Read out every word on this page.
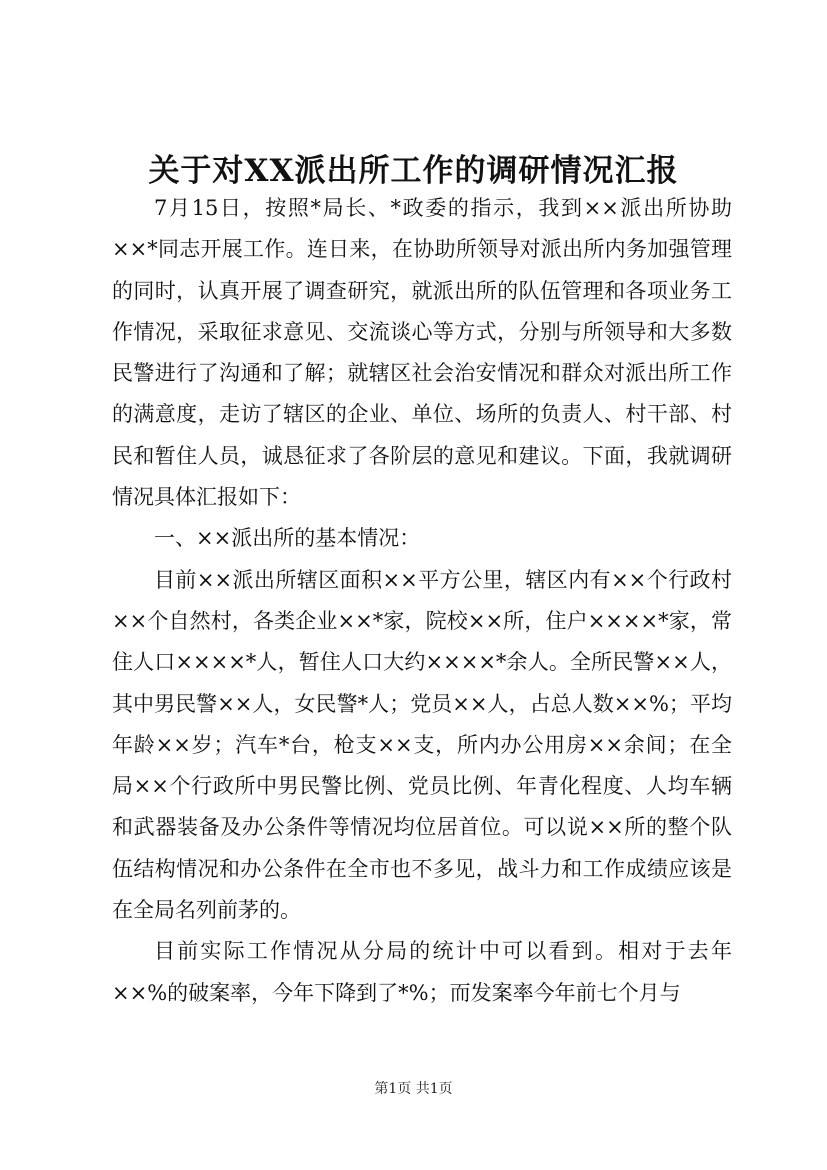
关于对XX派出所工作的调研情况汇报

7月15日，按照*局长、*政委的指示，我到××派出所协助××*同志开展工作。连日来，在协助所领导对派出所内务加强管理的同时，认真开展了调查研究，就派出所的队伍管理和各项业务工作情况，采取征求意见、交流谈心等方式，分别与所领导和大多数民警进行了沟通和了解；就辖区社会治安情况和群众对派出所工作的满意度，走访了辖区的企业、单位、场所的负责人、村干部、村民和暂住人员，诚恳征求了各阶层的意见和建议。下面，我就调研情况具体汇报如下：

一、××派出所的基本情况：

目前××派出所辖区面积××平方公里，辖区内有××个行政村××个自然村，各类企业××*家，院校××所，住户××××*家，常住人口××××*人，暂住人口大约××××*余人。全所民警××人，其中男民警××人，女民警*人；党员××人，占总人数××%；平均年龄××岁；汽车*台，枪支××支，所内办公用房××余间；在全局××个行政所中男民警比例、党员比例、年青化程度、人均车辆和武器装备及办公条件等情况均位居首位。可以说××所的整个队伍结构情况和办公条件在全市也不多见，战斗力和工作成绩应该是在全局名列前茅的。

目前实际工作情况从分局的统计中可以看到。相对于去年××%的破案率，今年下降到了*%；而发案率今年前七个月与

第1页 共1页
